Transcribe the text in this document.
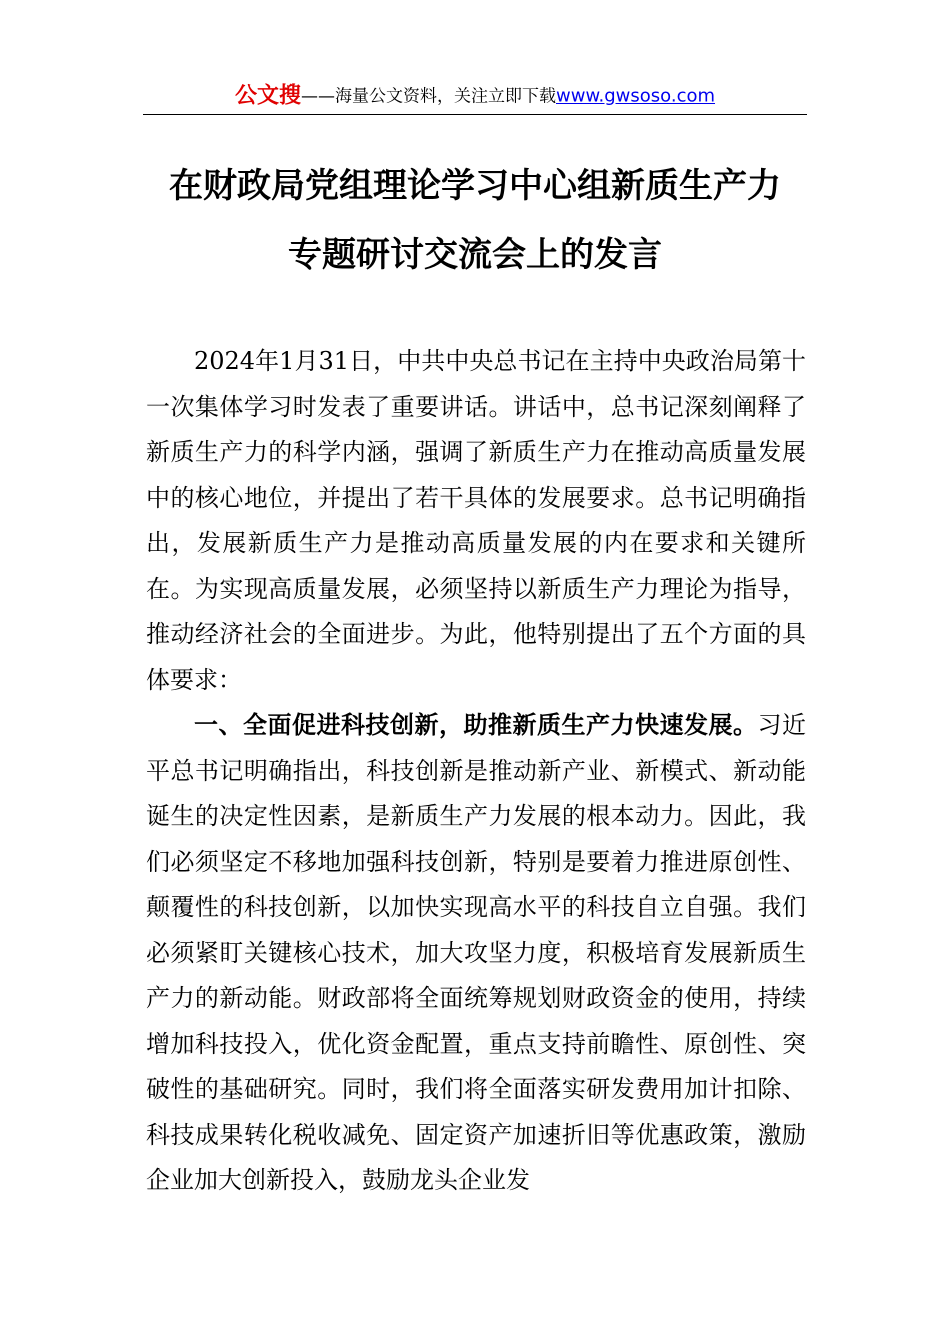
公文搜——海量公文资料，关注立即下载www.gwsoso.com
在财政局党组理论学习中心组新质生产力
专题研讨交流会上的发言

2024年1月31日，中共中央总书记在主持中央政治局第十一次集体学习时发表了重要讲话。讲话中，总书记深刻阐释了新质生产力的科学内涵，强调了新质生产力在推动高质量发展中的核心地位，并提出了若干具体的发展要求。总书记明确指出，发展新质生产力是推动高质量发展的内在要求和关键所在。为实现高质量发展，必须坚持以新质生产力理论为指导，推动经济社会的全面进步。为此，他特别提出了五个方面的具体要求：

一、全面促进科技创新，助推新质生产力快速发展。习近平总书记明确指出，科技创新是推动新产业、新模式、新动能诞生的决定性因素，是新质生产力发展的根本动力。因此，我们必须坚定不移地加强科技创新，特别是要着力推进原创性、颠覆性的科技创新，以加快实现高水平的科技自立自强。我们必须紧盯关键核心技术，加大攻坚力度，积极培育发展新质生产力的新动能。财政部将全面统筹规划财政资金的使用，持续增加科技投入，优化资金配置，重点支持前瞻性、原创性、突破性的基础研究。同时，我们将全面落实研发费用加计扣除、科技成果转化税收减免、固定资产加速折旧等优惠政策，激励企业加大创新投入，鼓励龙头企业发
